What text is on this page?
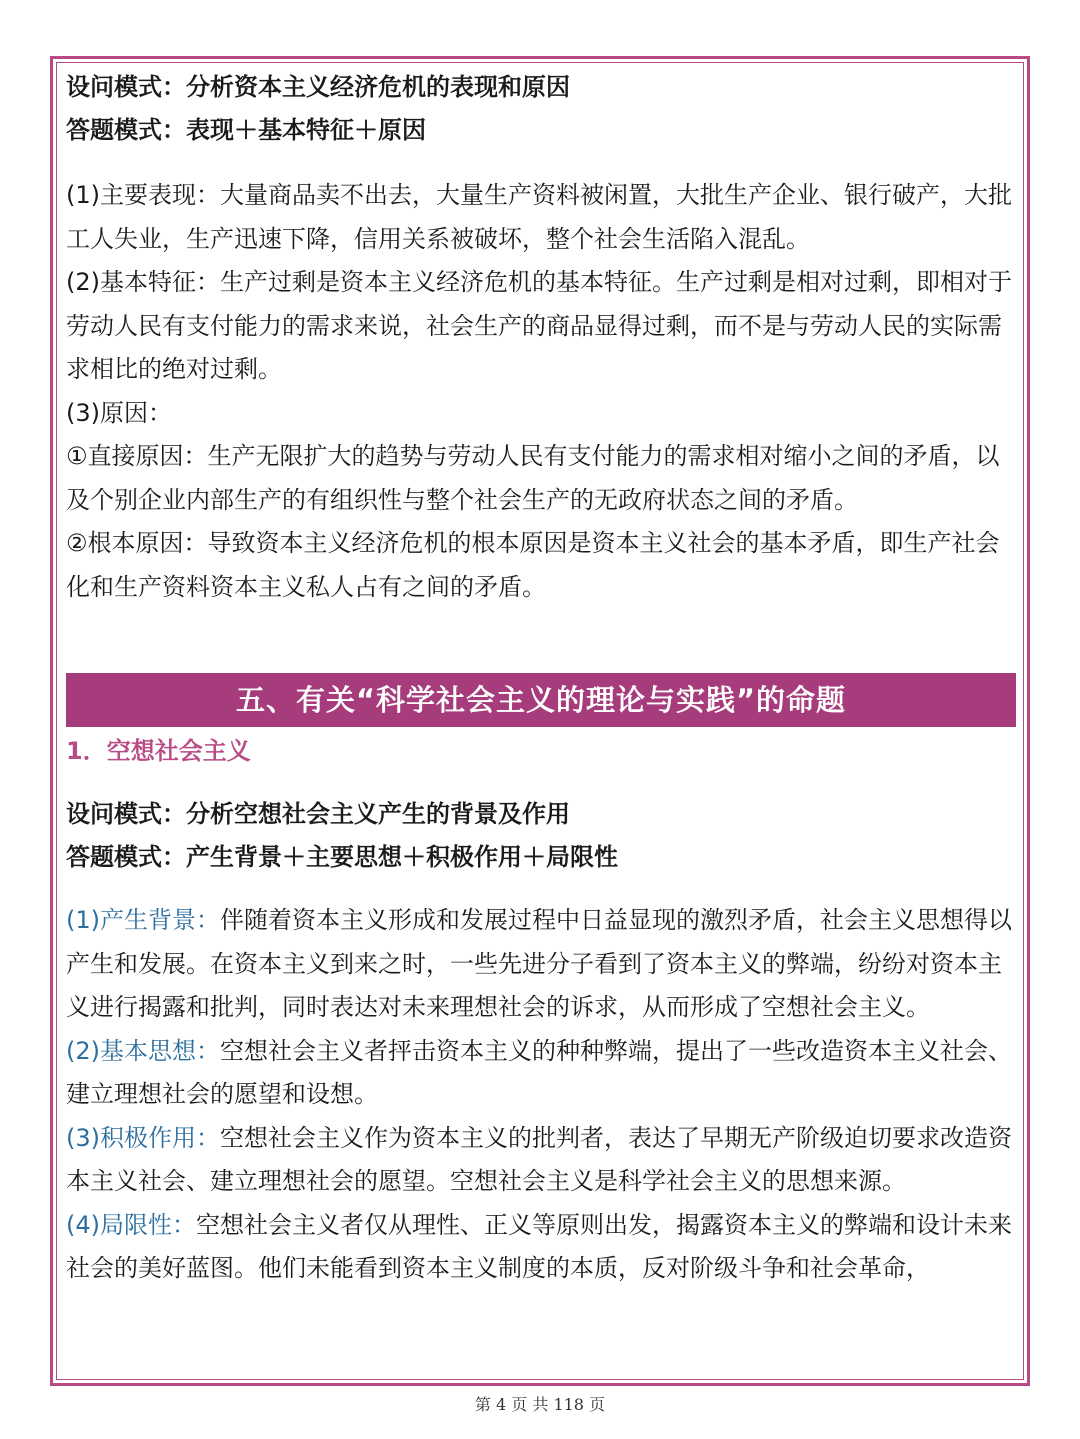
设问模式：分析资本主义经济危机的表现和原因

答题模式：表现＋基本特征＋原因

(1)主要表现：大量商品卖不出去，大量生产资料被闲置，大批生产企业、银行破产，大批工人失业，生产迅速下降，信用关系被破坏，整个社会生活陷入混乱。

(2)基本特征：生产过剩是资本主义经济危机的基本特征。生产过剩是相对过剩，即相对于劳动人民有支付能力的需求来说，社会生产的商品显得过剩，而不是与劳动人民的实际需求相比的绝对过剩。

(3)原因：

①直接原因：生产无限扩大的趋势与劳动人民有支付能力的需求相对缩小之间的矛盾，以及个别企业内部生产的有组织性与整个社会生产的无政府状态之间的矛盾。

②根本原因：导致资本主义经济危机的根本原因是资本主义社会的基本矛盾，即生产社会化和生产资料资本主义私人占有之间的矛盾。

五、有关“科学社会主义的理论与实践”的命题

1．空想社会主义

设问模式：分析空想社会主义产生的背景及作用

答题模式：产生背景＋主要思想＋积极作用＋局限性

(1)产生背景：伴随着资本主义形成和发展过程中日益显现的激烈矛盾，社会主义思想得以产生和发展。在资本主义到来之时，一些先进分子看到了资本主义的弊端，纷纷对资本主义进行揭露和批判，同时表达对未来理想社会的诉求，从而形成了空想社会主义。

(2)基本思想：空想社会主义者抨击资本主义的种种弊端，提出了一些改造资本主义社会、建立理想社会的愿望和设想。

(3)积极作用：空想社会主义作为资本主义的批判者，表达了早期无产阶级迫切要求改造资本主义社会、建立理想社会的愿望。空想社会主义是科学社会主义的思想来源。

(4)局限性：空想社会主义者仅从理性、正义等原则出发，揭露资本主义的弊端和设计未来社会的美好蓝图。他们未能看到资本主义制度的本质，反对阶级斗争和社会革命，

第 4 页 共 118 页
